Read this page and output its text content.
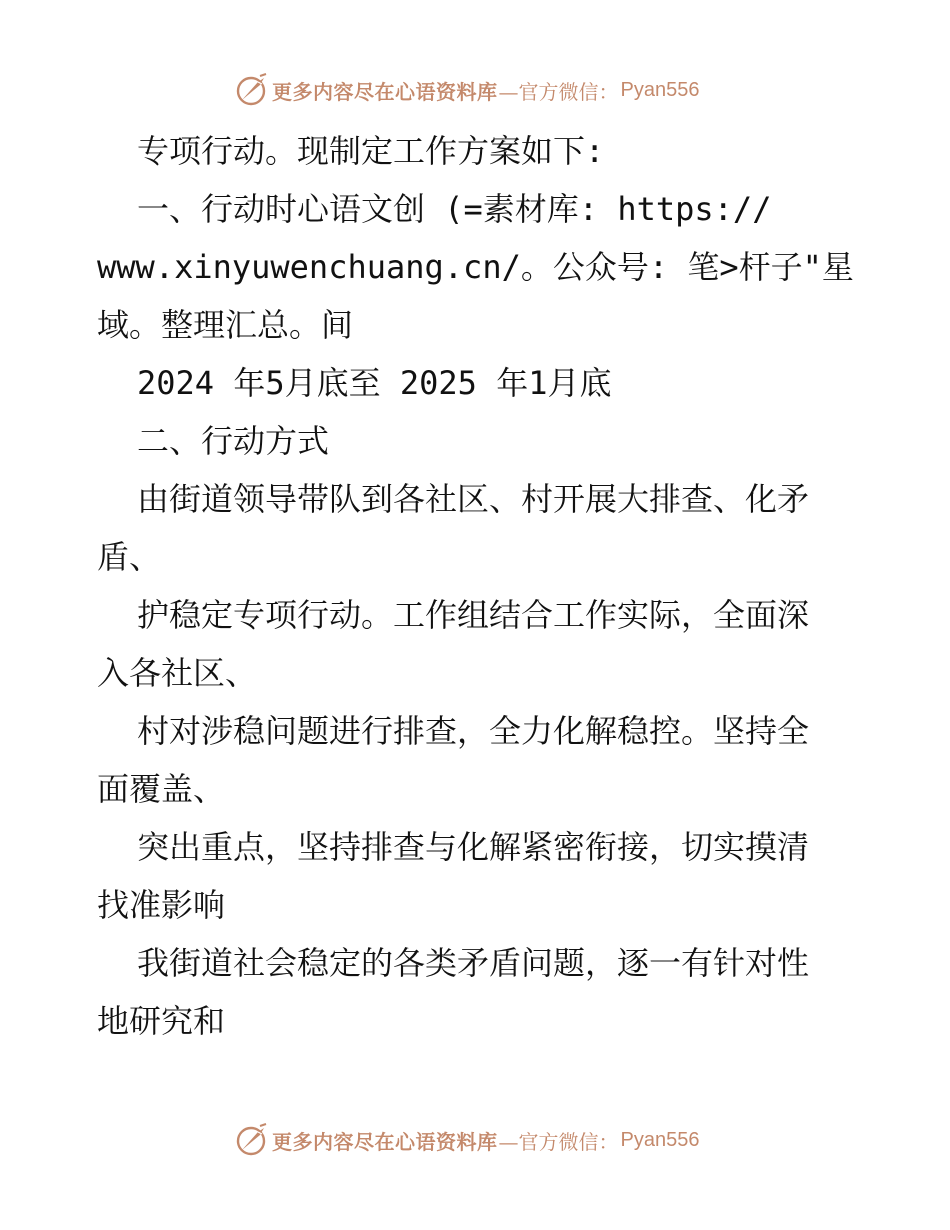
更多内容尽在心语资料库 —官方微信： Pyan556

专项行动。现制定工作方案如下:

一、行动时心语文创 (=素材库: https://

www.xinyuwenchuang.cn/。公众号: 笔>杆子"星

域。整理汇总。间

2024 年5月底至 2025 年1月底

二、行动方式

由街道领导带队到各社区、村开展大排查、化矛

盾、

护稳定专项行动。工作组结合工作实际，全面深

入各社区、

村对涉稳问题进行排查，全力化解稳控。坚持全

面覆盖、

突出重点，坚持排查与化解紧密衔接，切实摸清

找准影响

我街道社会稳定的各类矛盾问题，逐一有针对性

地研究和

更多内容尽在心语资料库 —官方微信： Pyan556
